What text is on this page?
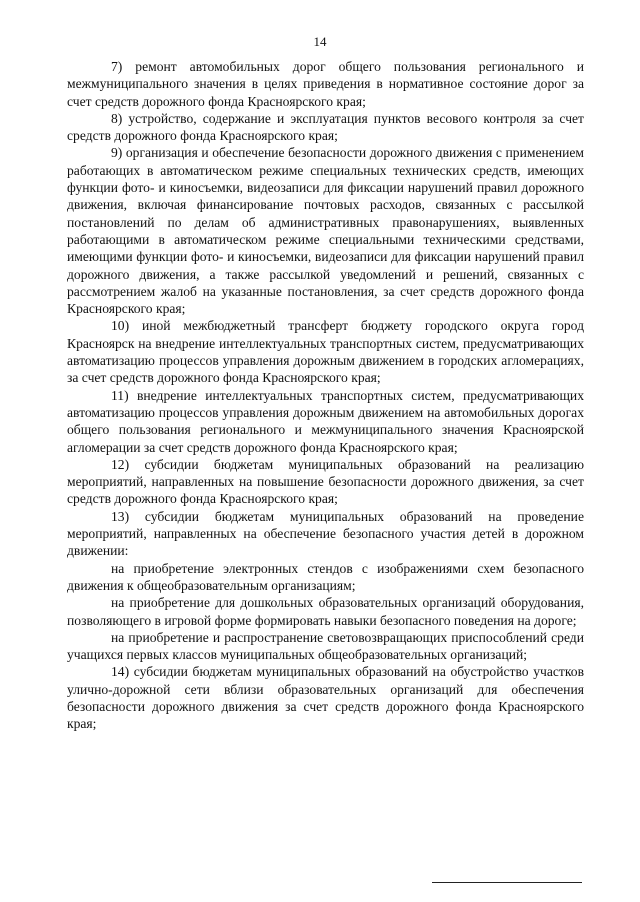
14

7) ремонт автомобильных дорог общего пользования регионального и межмуниципального значения в целях приведения в нормативное состояние дорог за счет средств дорожного фонда Красноярского края;

8) устройство, содержание и эксплуатация пунктов весового контроля за счет средств дорожного фонда Красноярского края;

9) организация и обеспечение безопасности дорожного движения с применением работающих в автоматическом режиме специальных технических средств, имеющих функции фото- и киносъемки, видеозаписи для фиксации нарушений правил дорожного движения, включая финансирование почтовых расходов, связанных с рассылкой постановлений по делам об административных правонарушениях, выявленных работающими в автоматическом режиме специальными техническими средствами, имеющими функции фото- и киносъемки, видеозаписи для фиксации нарушений правил дорожного движения, а также рассылкой уведомлений и решений, связанных с рассмотрением жалоб на указанные постановления, за счет средств дорожного фонда Красноярского края;

10) иной межбюджетный трансферт бюджету городского округа город Красноярск на внедрение интеллектуальных транспортных систем, предусматривающих автоматизацию процессов управления дорожным движением в городских агломерациях, за счет средств дорожного фонда Красноярского края;

11) внедрение интеллектуальных транспортных систем, предусматривающих автоматизацию процессов управления дорожным движением на автомобильных дорогах общего пользования регионального и межмуниципального значения Красноярской агломерации за счет средств дорожного фонда Красноярского края;

12) субсидии бюджетам муниципальных образований на реализацию мероприятий, направленных на повышение безопасности дорожного движения, за счет средств дорожного фонда Красноярского края;

13) субсидии бюджетам муниципальных образований на проведение мероприятий, направленных на обеспечение безопасного участия детей в дорожном движении:

на приобретение электронных стендов с изображениями схем безопасного движения к общеобразовательным организациям;

на приобретение для дошкольных образовательных организаций оборудования, позволяющего в игровой форме формировать навыки безопасного поведения на дороге;

на приобретение и распространение световозвращающих приспособлений среди учащихся первых классов муниципальных общеобразовательных организаций;

14) субсидии бюджетам муниципальных образований на обустройство участков улично-дорожной сети вблизи образовательных организаций для обеспечения безопасности дорожного движения за счет средств дорожного фонда Красноярского края;
